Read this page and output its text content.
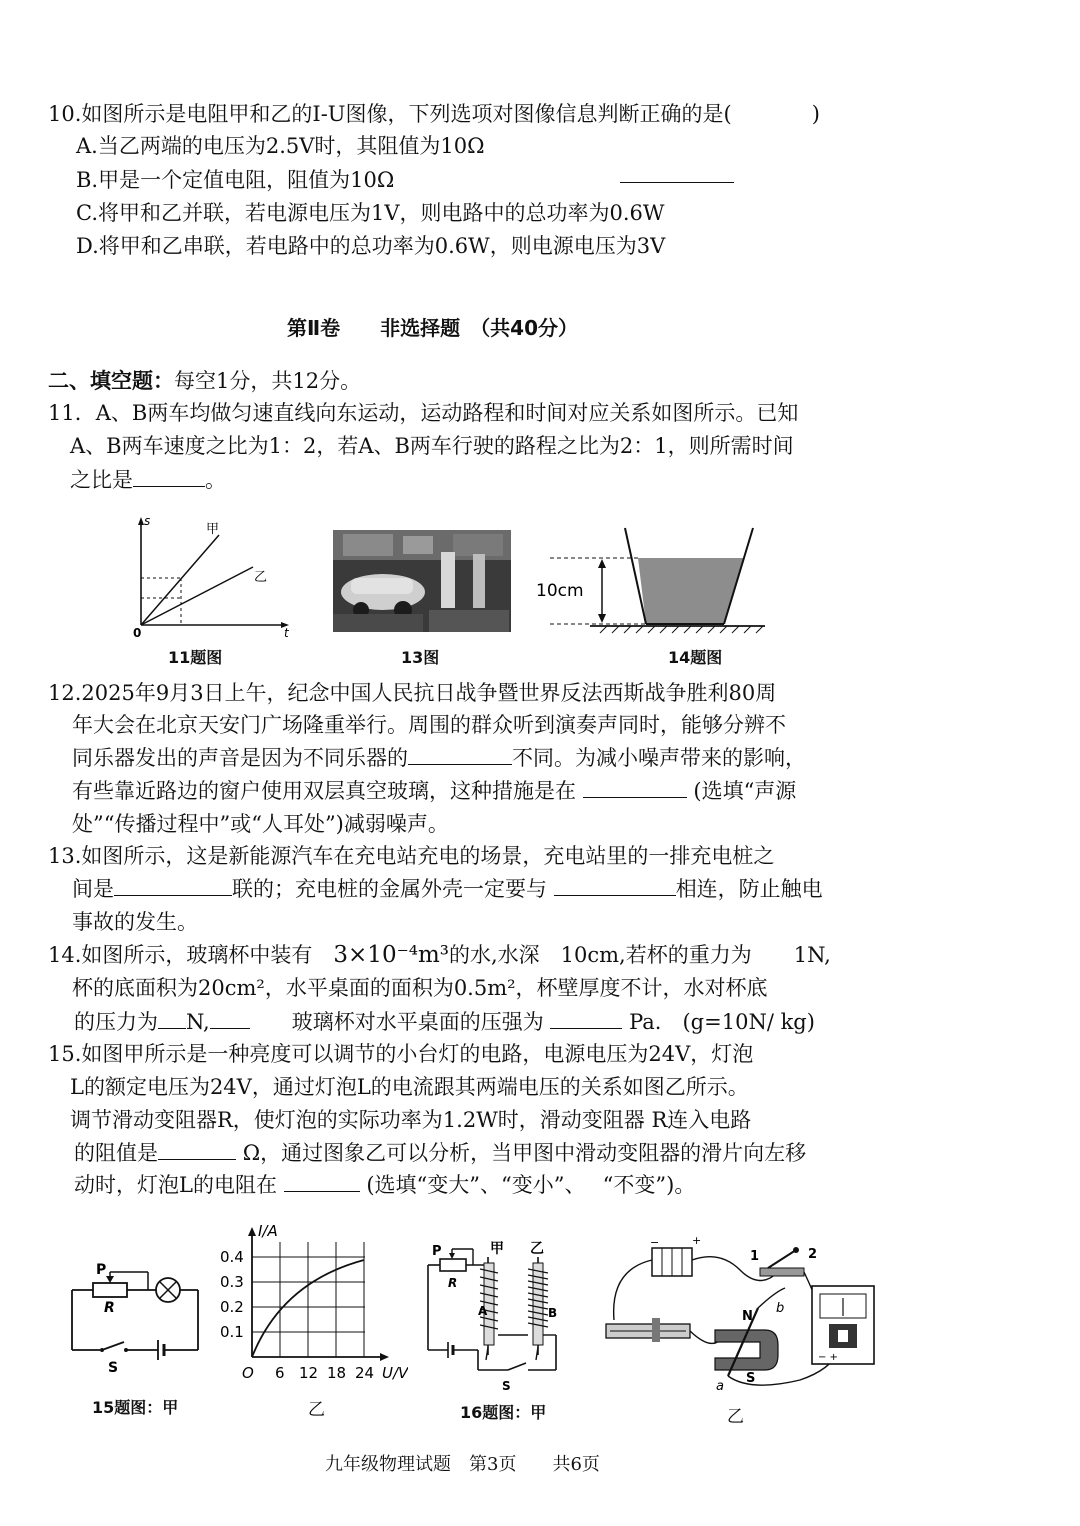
10.如图所示是电阻甲和乙的I-U图像，下列选项对图像信息判断正确的是(	)
A.当乙两端的电压为2.5V时，其阻值为10Ω
B.甲是一个定值电阻，阻值为10Ω
C.将甲和乙并联，若电源电压为1V，则电路中的总功率为0.6W
D.将甲和乙串联，若电路中的总功率为0.6W，则电源电压为3V
第Ⅱ卷　　非选择题　（共40分）
二、填空题：每空1分，共12分。
11．A、B两车均做匀速直线向东运动，运动路程和时间对应关系如图所示。已知
A、B两车速度之比为1：2，若A、B两车行驶的路程之比为2：1，则所需时间
之比是	。
s
t
0
甲
乙
11题图	13图
10cm
14题图
12.2025年9月3日上午，纪念中国人民抗日战争暨世界反法西斯战争胜利80周
年大会在北京天安门广场隆重举行。周围的群众听到演奏声同时，能够分辨不
同乐器发出的声音是因为不同乐器的	不同。为减小噪声带来的影响，
有些靠近路边的窗户使用双层真空玻璃，这种措施是在	(选填“声源
处”“传播过程中”或“人耳处”)减弱噪声。
13.如图所示，这是新能源汽车在充电站充电的场景，充电站里的一排充电桩之
间是	联的；充电桩的金属外壳一定要与	相连，防止触电
事故的发生。
14.如图所示，玻璃杯中装有　 3×10⁻⁴m³的水,水深　 10cm,若杯的重力为　　 1N,
杯的底面积为20cm²，水平桌面的面积为0.5m²，杯壁厚度不计，水对杯底
的压力为 N,　　	玻璃杯对水平桌面的压强为	Pa.　 (g=10N/ kg)
15.如图甲所示是一种亮度可以调节的小台灯的电路，电源电压为24V，灯泡
L的额定电压为24V，通过灯泡L的电流跟其两端电压的关系如图乙所示。
调节滑动变阻器R，使灯泡的实际功率为1.2W时，滑动变阻器 R连入电路
的阻值是	Ω，通过图象乙可以分析，当甲图中滑动变阻器的滑片向左移
动时，灯泡L的电阻在	(选填“变大”、“变小”、　 “不变”)。
P
R
S
15题图：甲
I/A
0.4
0.3
0.2
0.1
O 6 12 18 24 U/V
乙
P
R
甲 乙
A	B
S
16题图：甲
−	+
− +
N
S
1	2
a
b
乙
九年级物理试题　第3页　　共6页
